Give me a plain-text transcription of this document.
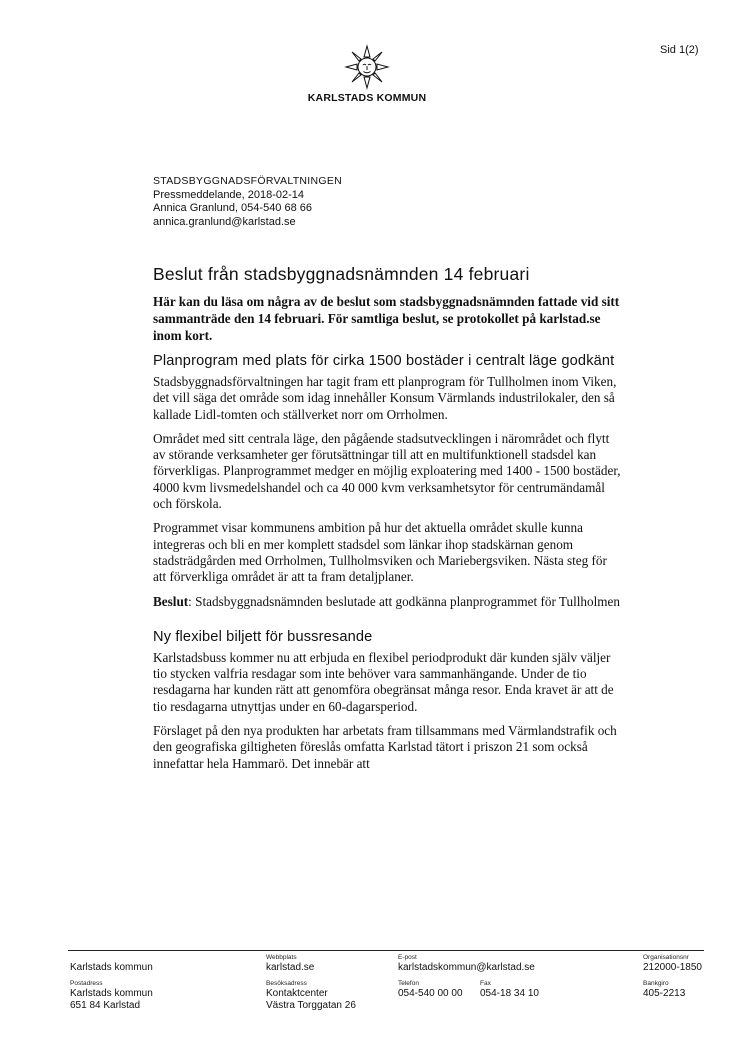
Sid 1(2)
KARLSTADS KOMMUN
STADSBYGGNADSFÖRVALTNINGEN
Pressmeddelande, 2018-02-14
Annica Granlund, 054-540 68 66
annica.granlund@karlstad.se
Beslut från stadsbyggnadsnämnden 14 februari

Här kan du läsa om några av de beslut som stadsbyggnadsnämnden fattade vid sitt sammanträde den 14 februari. För samtliga beslut, se protokollet på karlstad.se inom kort.

Planprogram med plats för cirka 1500 bostäder i centralt läge godkänt

Stadsbyggnadsförvaltningen har tagit fram ett planprogram för Tullholmen inom Viken, det vill säga det område som idag innehåller Konsum Värmlands industrilokaler, den så kallade Lidl-tomten och ställverket norr om Orrholmen.

Området med sitt centrala läge, den pågående stadsutvecklingen i närområdet och flytt av störande verksamheter ger förutsättningar till att en multifunktionell stadsdel kan förverkligas. Planprogrammet medger en möjlig exploatering med 1400 - 1500 bostäder, 4000 kvm livsmedelshandel och ca 40 000 kvm verksamhetsytor för centrumändamål och förskola.

Programmet visar kommunens ambition på hur det aktuella området skulle kunna integreras och bli en mer komplett stadsdel som länkar ihop stadskärnan genom stadsträdgården med Orrholmen, Tullholmsviken och Mariebergsviken. Nästa steg för att förverkliga området är att ta fram detaljplaner.

Beslut: Stadsbyggnadsnämnden beslutade att godkänna planprogrammet för Tullholmen

Ny flexibel biljett för bussresande

Karlstadsbuss kommer nu att erbjuda en flexibel periodprodukt där kunden själv väljer tio stycken valfria resdagar som inte behöver vara sammanhängande. Under de tio resdagarna har kunden rätt att genomföra obegränsat många resor. Enda kravet är att de tio resdagarna utnyttjas under en 60-dagarsperiod.

Förslaget på den nya produkten har arbetats fram tillsammans med Värmlandstrafik och den geografiska giltigheten föreslås omfatta Karlstad tätort i priszon 21 som också innefattar hela Hammarö. Det innebär att

Karlstads kommun
Webbplats
karlstad.se
E-post
karlstadskommun@karlstad.se
Organisationsnr
212000-1850
Postadress
Karlstads kommun
651 84 Karlstad
Besöksadress
Kontaktcenter
Västra Torggatan 26
Telefon
054-540 00 00
Fax
054-18 34 10
Bankgiro
405-2213
